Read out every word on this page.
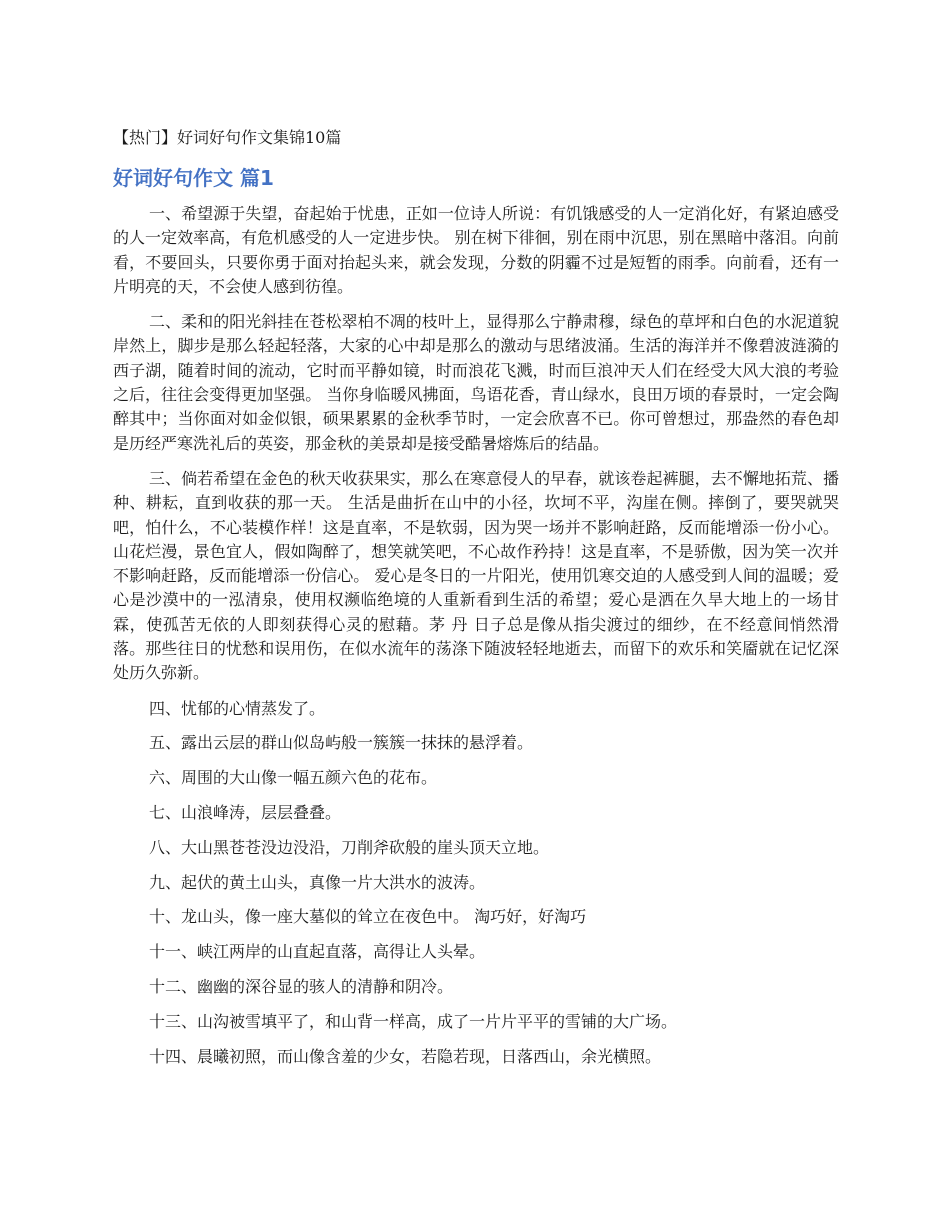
【热门】好词好句作文集锦10篇
好词好句作文 篇1

一、希望源于失望，奋起始于忧患，正如一位诗人所说：有饥饿感受的人一定消化好，有紧迫感受的人一定效率高，有危机感受的人一定进步快。 别在树下徘徊，别在雨中沉思，别在黑暗中落泪。向前看，不要回头，只要你勇于面对抬起头来，就会发现，分数的阴霾不过是短暂的雨季。向前看，还有一片明亮的天，不会使人感到彷徨。

二、柔和的阳光斜挂在苍松翠柏不凋的枝叶上，显得那么宁静肃穆，绿色的草坪和白色的水泥道貌岸然上，脚步是那么轻起轻落，大家的心中却是那么的激动与思绪波涌。生活的海洋并不像碧波涟漪的西子湖，随着时间的流动，它时而平静如镜，时而浪花飞溅，时而巨浪冲天人们在经受大风大浪的考验之后，往往会变得更加坚强。 当你身临暖风拂面，鸟语花香，青山绿水，良田万顷的春景时，一定会陶醉其中；当你面对如金似银，硕果累累的金秋季节时，一定会欣喜不已。你可曾想过，那盎然的春色却是历经严寒洗礼后的英姿，那金秋的美景却是接受酷暑熔炼后的结晶。

三、倘若希望在金色的秋天收获果实，那么在寒意侵人的早春，就该卷起裤腿，去不懈地拓荒、播种、耕耘，直到收获的那一天。 生活是曲折在山中的小径，坎坷不平，沟崖在侧。摔倒了，要哭就哭吧，怕什么，不心装模作样！这是直率，不是软弱，因为哭一场并不影响赶路，反而能增添一份小心。山花烂漫，景色宜人，假如陶醉了，想笑就笑吧，不心故作矜持！这是直率，不是骄傲，因为笑一次并不影响赶路，反而能增添一份信心。 爱心是冬日的一片阳光，使用饥寒交迫的人感受到人间的温暖；爱心是沙漠中的一泓清泉，使用权濒临绝境的人重新看到生活的希望；爱心是洒在久旱大地上的一场甘霖，使孤苦无依的人即刻获得心灵的慰藉。茅 丹 日子总是像从指尖渡过的细纱，在不经意间悄然滑落。那些往日的忧愁和误用伤，在似水流年的荡涤下随波轻轻地逝去，而留下的欢乐和笑靥就在记忆深处历久弥新。

四、忧郁的心情蒸发了。

五、露出云层的群山似岛屿般一簇簇一抹抹的悬浮着。

六、周围的大山像一幅五颜六色的花布。

七、山浪峰涛，层层叠叠。

八、大山黑苍苍没边没沿，刀削斧砍般的崖头顶天立地。

九、起伏的黄土山头，真像一片大洪水的波涛。

十、龙山头，像一座大墓似的耸立在夜色中。 淘巧好，好淘巧

十一、峡江两岸的山直起直落，高得让人头晕。

十二、幽幽的深谷显的骇人的清静和阴冷。

十三、山沟被雪填平了，和山背一样高，成了一片片平平的雪铺的大广场。

十四、晨曦初照，而山像含羞的少女，若隐若现，日落西山，余光横照。
